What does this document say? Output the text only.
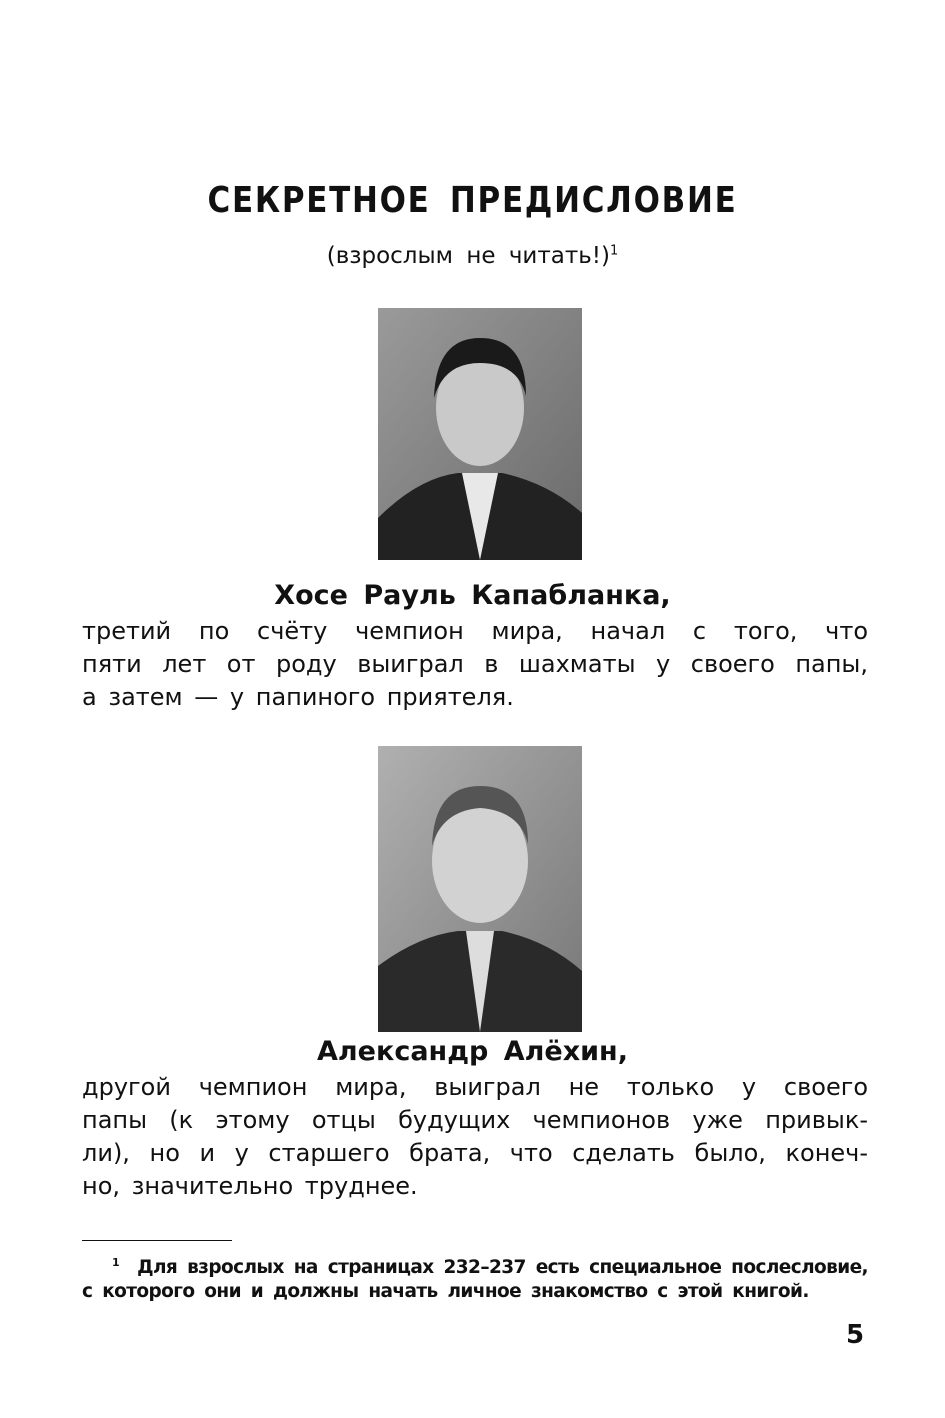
СЕКРЕТНОЕ ПРЕДИСЛОВИЕ
(взрослым не читать!)$^1$
Хосе Рауль Капабланка,
третий по счёту чемпион мира, начал с того, что
пяти лет от роду выиграл в шахматы у своего папы,
а затем — у папиного приятеля.
Александр Алёхин,
другой чемпион мира, выиграл не только у своего
папы (к этому отцы будущих чемпионов уже привык-
ли), но и у старшего брата, что сделать было, конеч-
но, значительно труднее.
$^1$ Для взрослых на страницах 232–237 есть специальное послесловие,
с которого они и должны начать личное знакомство с этой книгой.
5
